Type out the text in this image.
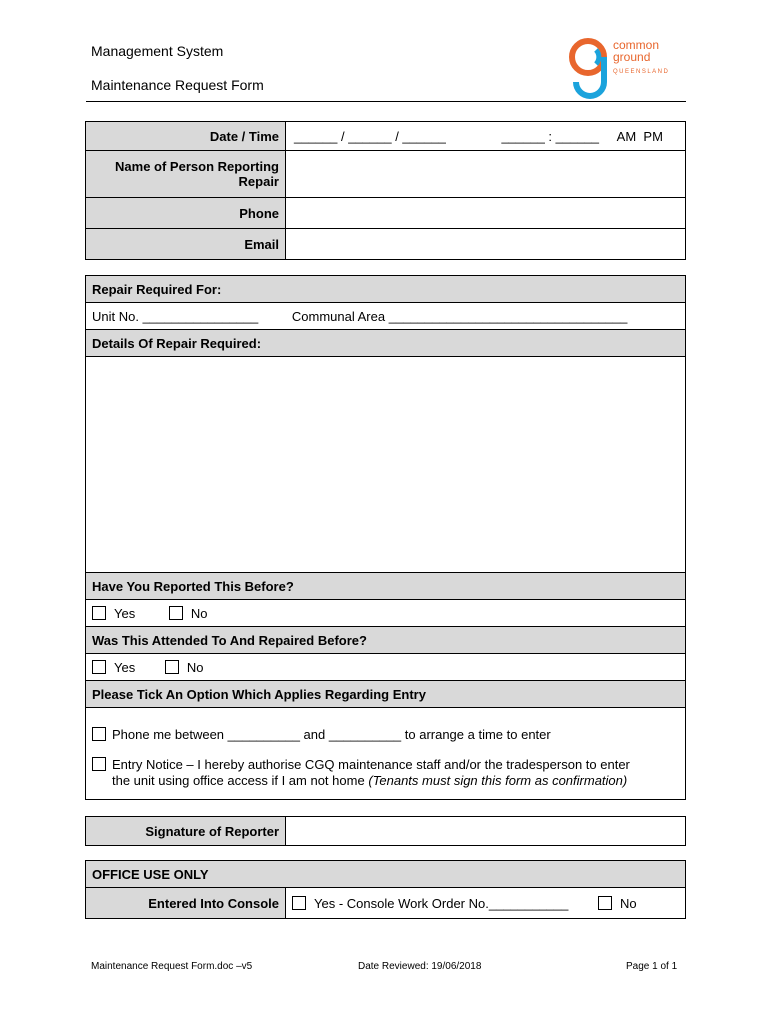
Management System
Maintenance Request Form
common
ground
QUEENSLAND
Date / Time	______ / ______ / ______ ______ : ______ AM  PM

Name of Person Reporting
Repair	

Phone	
Email	
Repair Required For:
Unit No. ________________	Communal Area _________________________________
Details Of Repair Required:

Have You Reported This Before?
Yes	No
Was This Attended To And Repaired Before?
Yes	No
Please Tick An Option Which Applies Regarding Entry

Phone me between __________ and __________ to arrange a time to enter
Entry Notice – I hereby authorise CGQ maintenance staff and/or the tradesperson to enter
the unit using office access if I am not home (Tenants must sign this form as confirmation)
Signature of Reporter	
OFFICE USE ONLY
Entered Into Console	Yes - Console Work Order No.___________	No
Maintenance Request Form.doc –v5	Date Reviewed: 19/06/2018	Page 1 of 1
